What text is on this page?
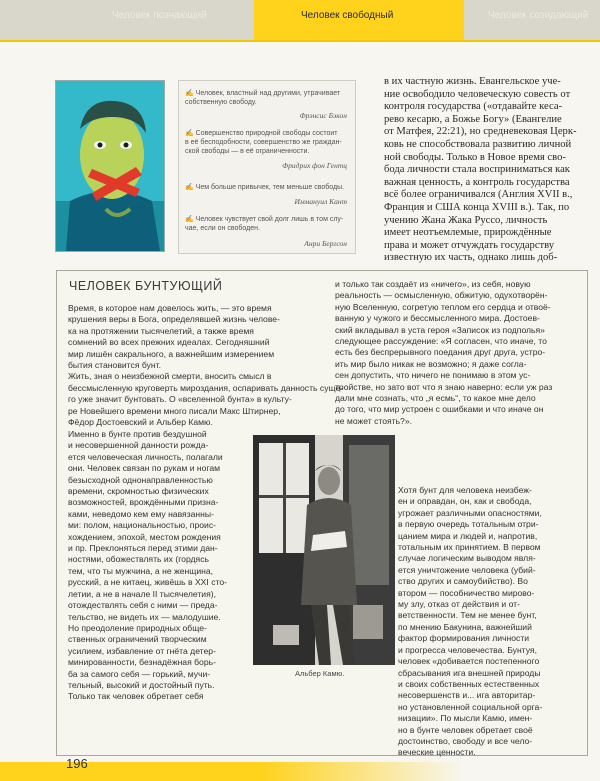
Человек познающий	Человек свободный	Человек созидающий
✍ Человек, властный над другими, утрачивает
собственную свободу.
Фрэнсис Бэкон
✍ Совершенство природной свободы состоит
в её бесподобности, совершенство же граждан-
ской свободы — в её ограниченности.
Фридрих фон Гентц
✍ Чем больше привычек, тем меньше свободы.
Иммануил Кант
✍ Человек чувствует свой долг лишь в том слу-
чае, если он свободен.
Анри Бергсон
в их частную жизнь. Евангельское уче-
ние освободило человеческую совесть от
контроля государства («отдавайте кеса-
рево кесарю, а Божье Богу» (Евангелие
от Матфея, 22:21), но средневековая Церк-
ковь не способствовала развитию личной
ной свободы. Только в Новое время сво-
бода личности стала восприниматься как
важная ценность, а контроль государства
всё более ограничивался (Англия XVII в.,
Франция и США конца XVIII в.). Так, по
учению Жана Жака Руссо, личность
имеет неотъемлемые, прирождённые
права и может отчуждать государству
известную их часть, однако лишь доб-
ЧЕЛОВЕК БУНТУЮЩИЙ
Время, в которое нам довелось жить, — это время
крушения веры в Бога, определявшей жизнь челове-
ка на протяжении тысячелетий, а также время
сомнений во всех прежних идеалах. Сегодняшний
мир лишён сакрального, а важнейшим измерением
бытия становится бунт.
Жить, зная о неизбежной смерти, вносить смысл в
бессмысленную круговерть мироздания, оспаривать данность суще-
го уже значит бунтовать. О «вселенной бунта» в культу-
ре Новейшего времени много писали Макс Штирнер,
Фёдор Достоевский и Альбер Камю.
Именно в бунте против бездушной
и несовершенной данности рожда-
ется человеческая личность, полагали
они. Человек связан по рукам и ногам
безысходной однонаправленностью
времени, скромностью физических
возможностей, врождёнными призна-
ками, неведомо кем ему навязанны-
ми: полом, национальностью, проис-
хождением, эпохой, местом рождения
и пр. Преклоняться перед этими дан-
ностями, обожествлять их (гордясь
тем, что ты мужчина, а не женщина,
русский, а не китаец, живёшь в XXI сто-
летии, а не в начале II тысячелетия),
отождествлять себя с ними — преда-
тельство, не видеть их — малодушие.
Но преодоление природных обще-
ственных ограничений творческим
усилием, избавление от гнёта детер-
минированности, безнадёжная борь-
ба за самого себя — горький, мучи-
тельный, высокий и достойный путь.
Только так человек обретает себя
и только так создаёт из «ничего», из себя, новую
реальность — осмысленную, обжитую, одухотворён-
ную Вселенную, согретую теплом его сердца и отвоё-
ванную у чужого и бессмысленного мира. Достоев-
ский вкладывал в уста героя «Записок из подполья»
следующее рассуждение: «Я согласен, что иначе, то
есть без беспрерывного поедания друг друга, устро-
ить мир было никак не возможно; я даже согла-
сен допустить, что ничего не понимаю в этом ус-
тройстве, но зато вот что я знаю наверно: если уж раз
дали мне сознать, что „я есмь“, то какое мне дело
до того, что мир устроен с ошибками и что иначе он
не может стоять?».
Хотя бунт для человека неизбеж-
ен и оправдан, он, как и свобода,
угрожает различными опасностями,
в первую очередь тотальным отри-
цанием мира и людей и, напротив,
тотальным их принятием. В первом
случае логическим выводом явля-
ется уничтожение человека (убий-
ство других и самоубийство). Во
втором — пособничество мирово-
му злу, отказ от действия и от-
ветственности. Тем не менее бунт,
по мнению Бакунина, важнейший
фактор формирования личности
и прогресса человечества. Бунтуя,
человек «добивается постепенного
сбрасывания ига внешней природы
и своих собственных естественных
несовершенств и... ига авторитар-
но установленной социальной орга-
низации». По мысли Камю, имен-
но в бунте человек обретает своё
достоинство, свободу и все чело-
веческие ценности.
Альбер Камю.
196
